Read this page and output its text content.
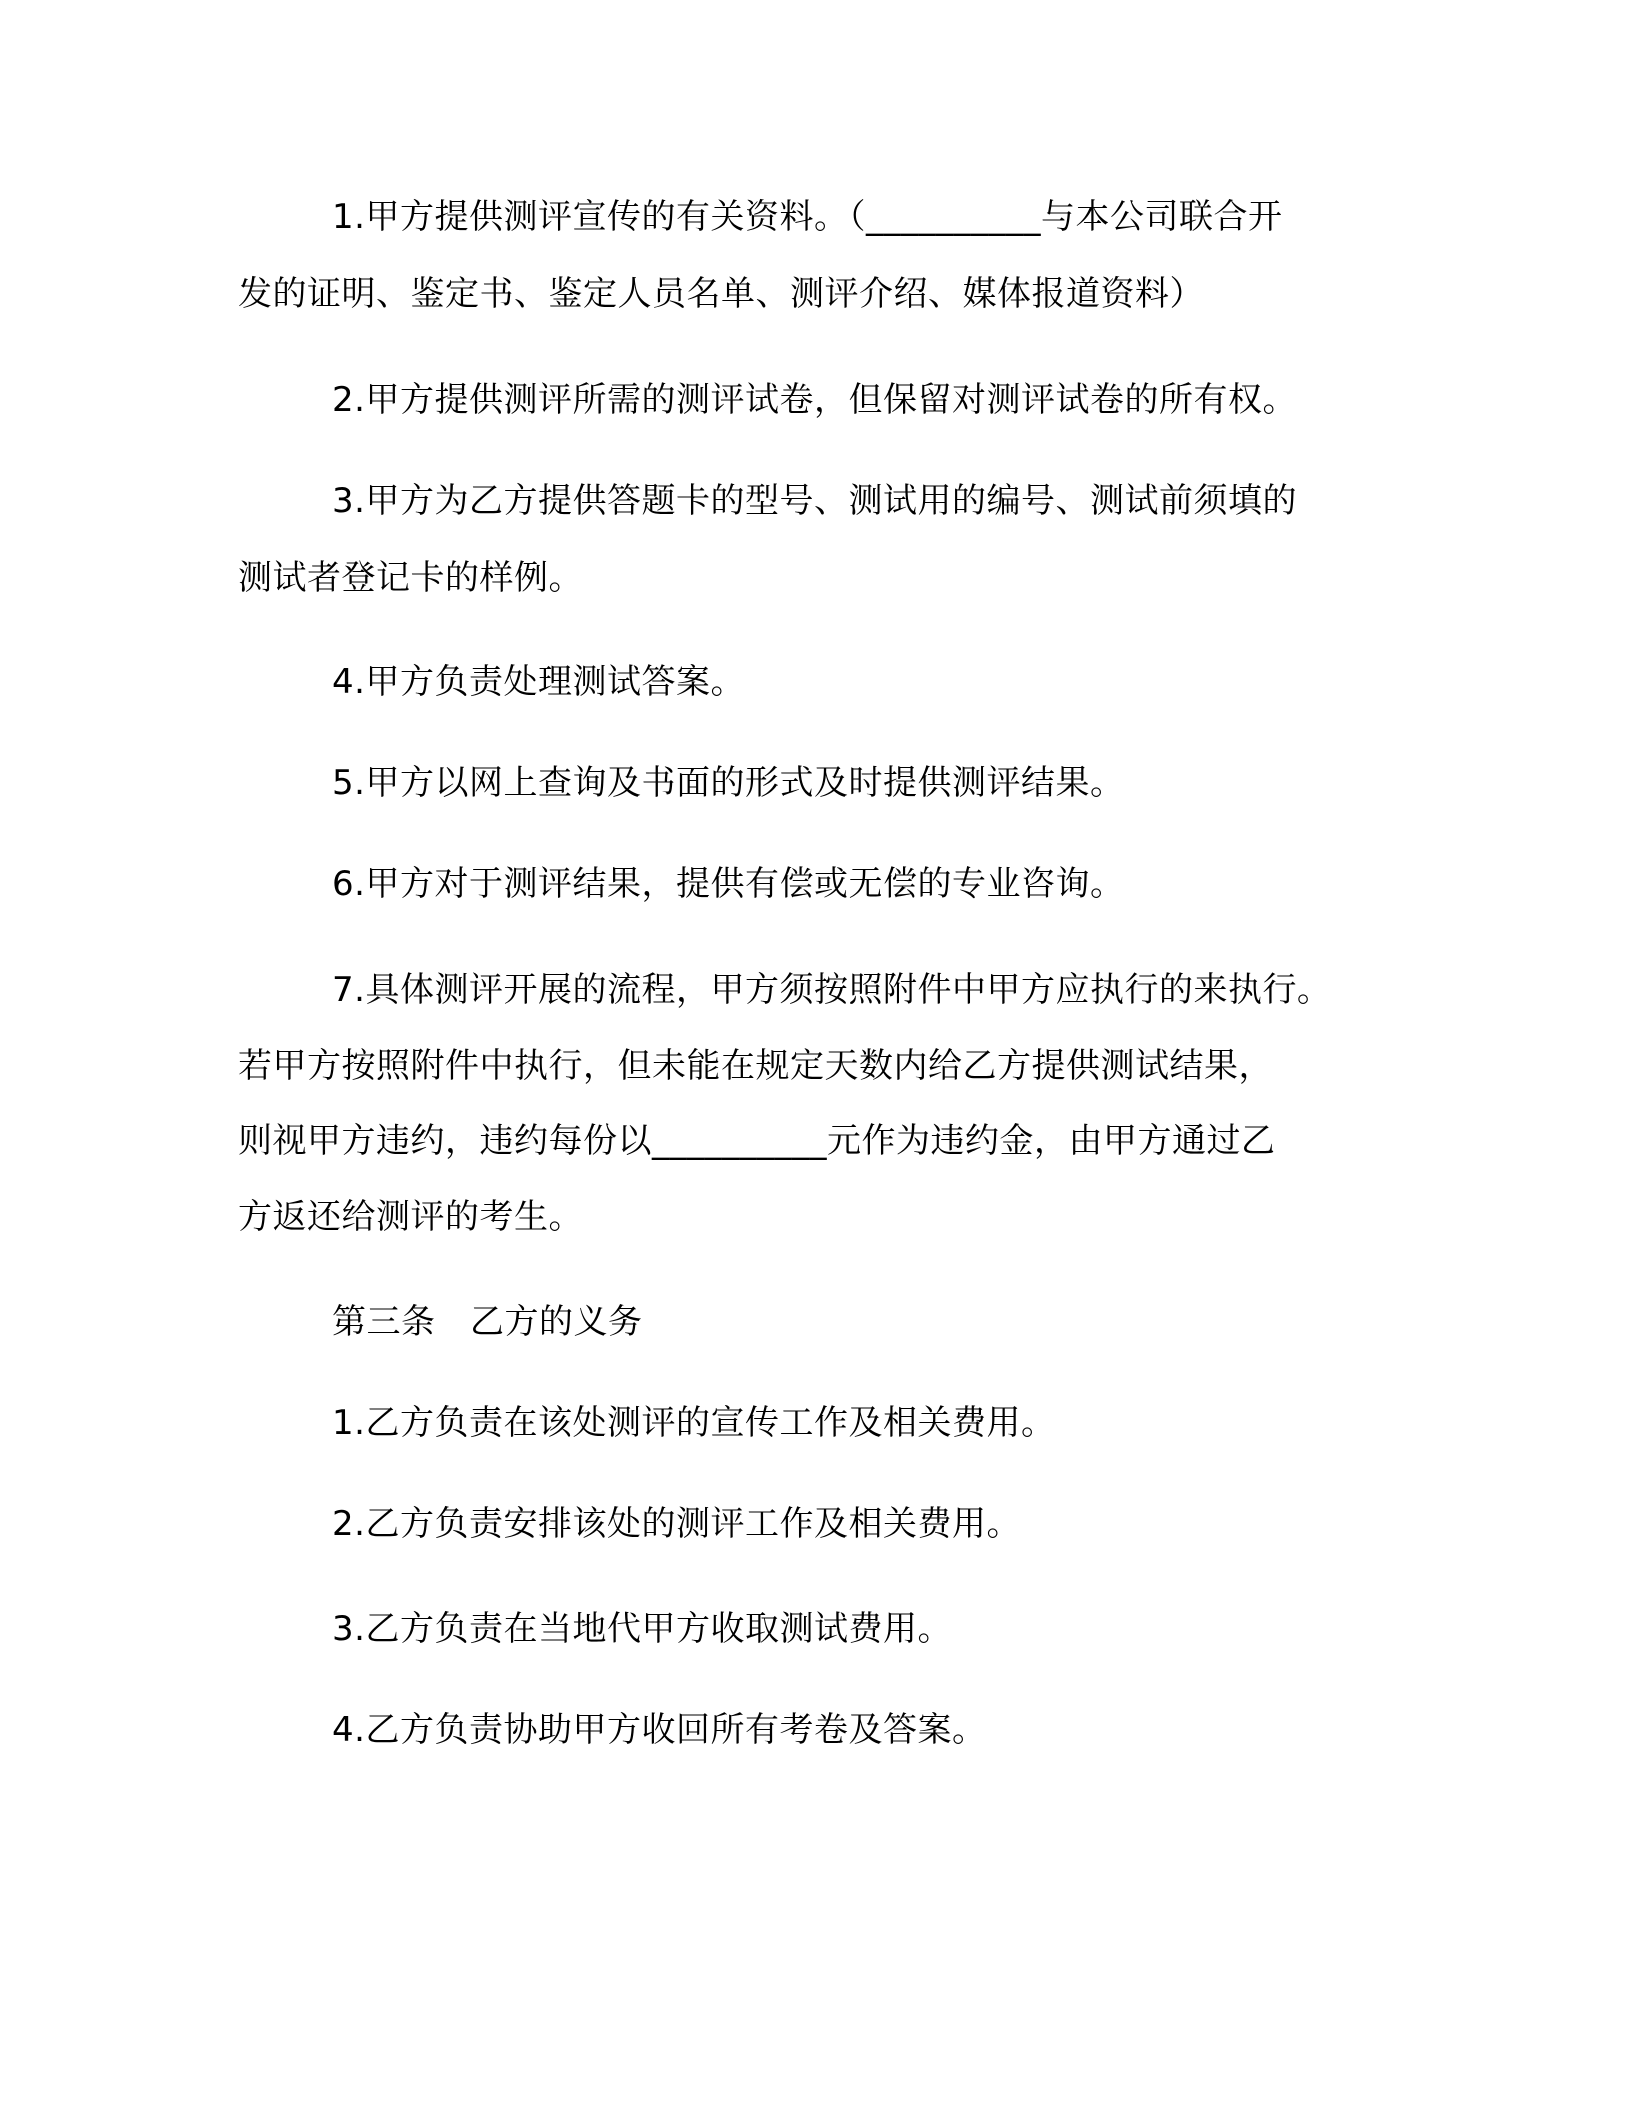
1.甲方提供测评宣传的有关资料。（__________与本公司联合开
发的证明、鉴定书、鉴定人员名单、测评介绍、媒体报道资料）
2.甲方提供测评所需的测评试卷，但保留对测评试卷的所有权。
3.甲方为乙方提供答题卡的型号、测试用的编号、测试前须填的
测试者登记卡的样例。
4.甲方负责处理测试答案。
5.甲方以网上查询及书面的形式及时提供测评结果。
6.甲方对于测评结果，提供有偿或无偿的专业咨询。
7.具体测评开展的流程，甲方须按照附件中甲方应执行的来执行。
若甲方按照附件中执行，但未能在规定天数内给乙方提供测试结果，
则视甲方违约，违约每份以__________元作为违约金，由甲方通过乙
方返还给测评的考生。
第三条　乙方的义务
1.乙方负责在该处测评的宣传工作及相关费用。
2.乙方负责安排该处的测评工作及相关费用。
3.乙方负责在当地代甲方收取测试费用。
4.乙方负责协助甲方收回所有考卷及答案。
